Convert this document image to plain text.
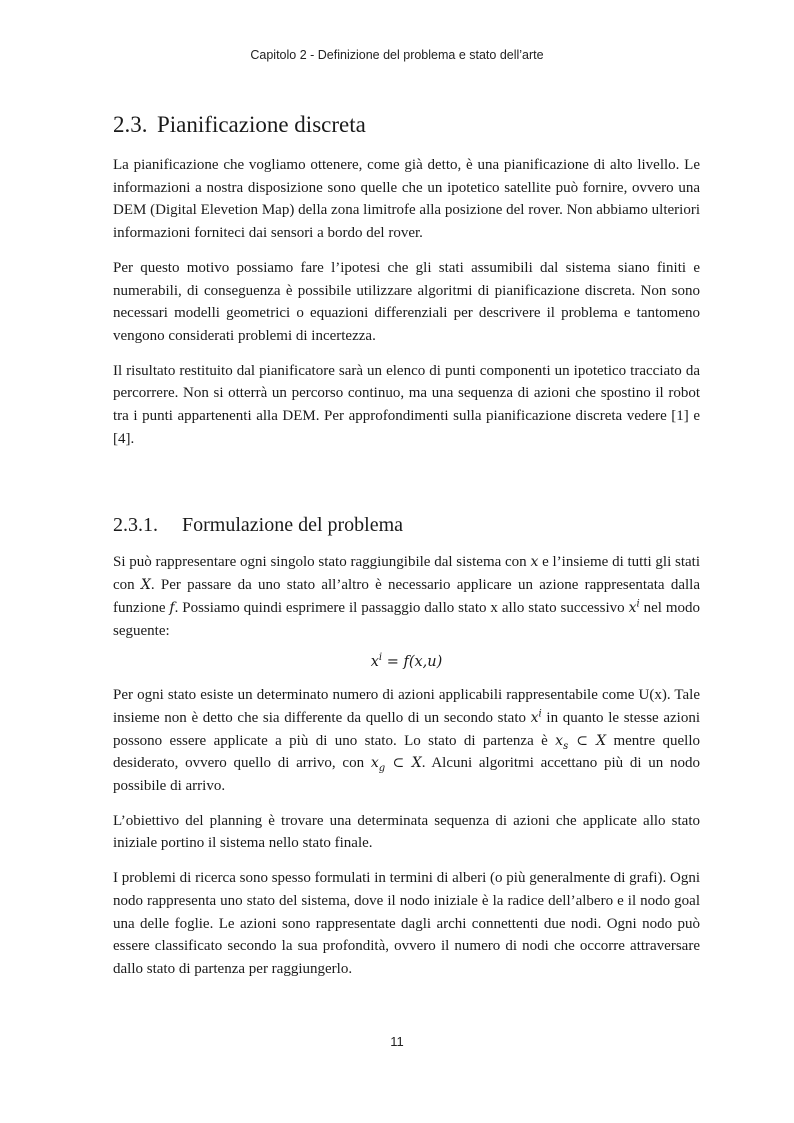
Capitolo 2 - Definizione del problema e stato dell’arte
2.3. Pianificazione discreta

La pianificazione che vogliamo ottenere, come già detto, è una pianificazione di alto livello. Le informazioni a nostra disposizione sono quelle che un ipotetico satellite può fornire, ovvero una DEM (Digital Elevetion Map) della zona limitrofe alla posizione del rover. Non abbiamo ulteriori informazioni forniteci dai sensori a bordo del rover.

Per questo motivo possiamo fare l’ipotesi che gli stati assumibili dal sistema siano finiti e numerabili, di conseguenza è possibile utilizzare algoritmi di pianificazione discreta. Non sono necessari modelli geometrici o equazioni differenziali per descrivere il problema e tantomeno vengono considerati problemi di incertezza.

Il risultato restituito dal pianificatore sarà un elenco di punti componenti un ipotetico tracciato da percorrere. Non si otterrà un percorso continuo, ma una sequenza di azioni che spostino il robot tra i punti appartenenti alla DEM. Per approfondimenti sulla pianificazione discreta vedere [1] e [4].

2.3.1. Formulazione del problema

Si può rappresentare ogni singolo stato raggiungibile dal sistema con x e l’insieme di tutti gli stati con X. Per passare da uno stato all’altro è necessario applicare un azione rappresentata dalla funzione f. Possiamo quindi esprimere il passaggio dallo stato x allo stato successivo $x^i$ nel modo seguente:

$x^i = f(x,u)$

Per ogni stato esiste un determinato numero di azioni applicabili rappresentabile come U(x). Tale insieme non è detto che sia differente da quello di un secondo stato $x^i$ in quanto le stesse azioni possono essere applicate a più di uno stato. Lo stato di partenza è $x_s$ ⊂ X mentre quello desiderato, ovvero quello di arrivo, con $x_g$ ⊂ X. Alcuni algoritmi accettano più di un nodo possibile di arrivo.

L’obiettivo del planning è trovare una determinata sequenza di azioni che applicate allo stato iniziale portino il sistema nello stato finale.

I problemi di ricerca sono spesso formulati in termini di alberi (o più generalmente di grafi). Ogni nodo rappresenta uno stato del sistema, dove il nodo iniziale è la radice dell’albero e il nodo goal una delle foglie. Le azioni sono rappresentate dagli archi connettenti due nodi. Ogni nodo può essere classificato secondo la sua profondità, ovvero il numero di nodi che occorre attraversare dallo stato di partenza per raggiungerlo.

11
